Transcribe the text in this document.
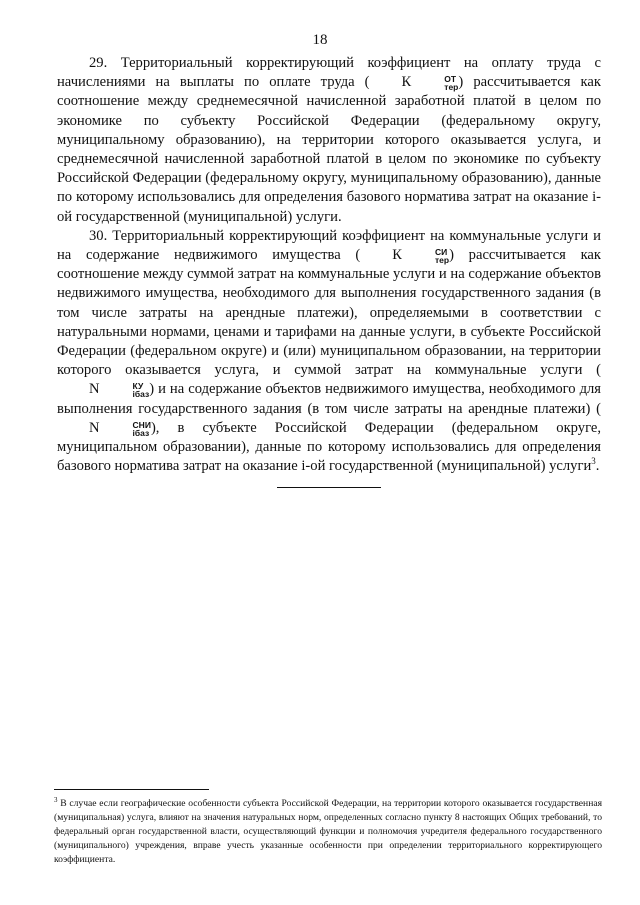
18

29. Территориальный корректирующий коэффициент на оплату труда с начислениями на выплаты по оплате труда ( К	ОТ
тер ) рассчитывается как соотношение между среднемесячной начисленной заработной платой в целом по экономике по субъекту Российской Федерации (федеральному округу, муниципальному образованию), на территории которого оказывается услуга, и среднемесячной начисленной заработной платой в целом по экономике по субъекту Российской Федерации (федеральному округу, муниципальному образованию), данные по которому использовались для определения базового норматива затрат на оказание i-ой государственной (муниципальной) услуги.

30. Территориальный корректирующий коэффициент на коммунальные услуги и на содержание недвижимого имущества ( К	СИ
тер ) рассчитывается как соотношение между суммой затрат на коммунальные услуги и на содержание объектов недвижимого имущества, необходимого для выполнения государственного задания (в том числе затраты на арендные платежи), определяемыми в соответствии с натуральными нормами, ценами и тарифами на данные услуги, в субъекте Российской Федерации (федеральном округе) и (или) муниципальном образовании, на территории которого оказывается услуга, и суммой затрат на коммунальные услуги (N	КУ
iбаз ) и на содержание объектов недвижимого имущества, необходимого для выполнения государственного задания (в том числе затраты на арендные платежи) (N	СНИ
iбаз ), в субъекте Российской Федерации (федеральном округе, муниципальном образовании), данные по которому использовались для определения базового норматива затрат на оказание i-ой государственной (муниципальной) услуги$^3$.

$^3$ В случае если географические особенности субъекта Российской Федерации, на территории которого оказывается государственная (муниципальная) услуга, влияют на значения натуральных норм, определенных согласно пункту 8 настоящих Общих требований, то федеральный орган государственной власти, осуществляющий функции и полномочия учредителя федерального государственного (муниципального) учреждения, вправе учесть указанные особенности при определении территориального корректирующего коэффициента.
